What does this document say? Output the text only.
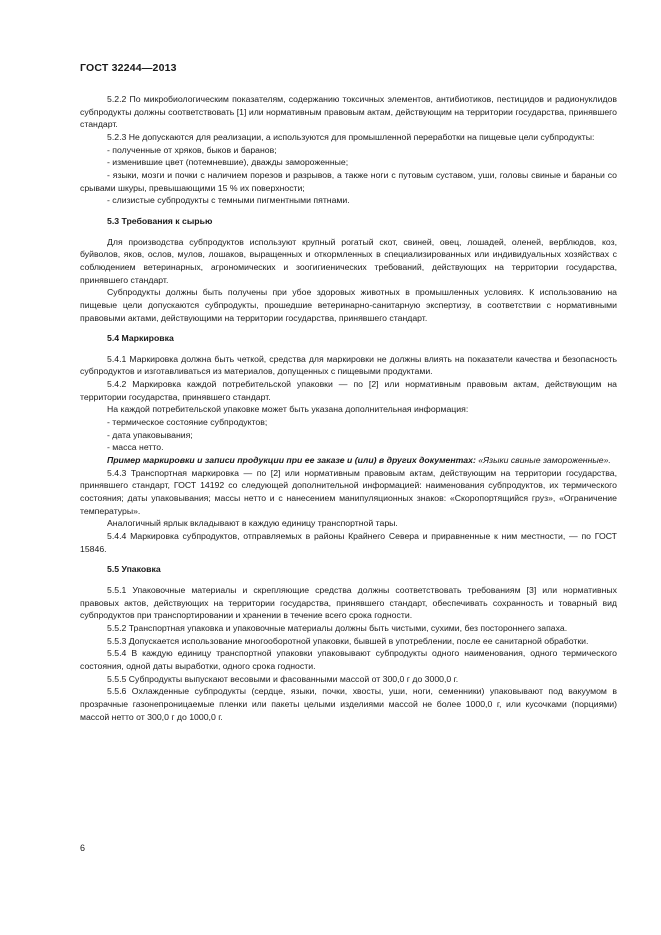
ГОСТ 32244—2013

5.2.2 По микробиологическим показателям, содержанию токсичных элементов, антибиотиков, пестицидов и радионуклидов субпродукты должны соответствовать [1] или нормативным правовым актам, действующим на территории государства, принявшего стандарт.

5.2.3 Не допускаются для реализации, а используются для промышленной переработки на пищевые цели субпродукты:

- полученные от хряков, быков и баранов;

- изменившие цвет (потемневшие), дважды замороженные;

- языки, мозги и почки с наличием порезов и разрывов, а также ноги с путовым суставом, уши, головы свиные и бараньи со срывами шкуры, превышающими 15 % их поверхности;

- слизистые субпродукты с темными пигментными пятнами.

5.3 Требования к сырью

Для производства субпродуктов используют крупный рогатый скот, свиней, овец, лошадей, оленей, верблюдов, коз, буйволов, яков, ослов, мулов, лошаков, выращенных и откормленных в специализированных или индивидуальных хозяйствах с соблюдением ветеринарных, агрономических и зоогигиенических требований, действующих на территории государства, принявшего стандарт.

Субпродукты должны быть получены при убое здоровых животных в промышленных условиях. К использованию на пищевые цели допускаются субпродукты, прошедшие ветеринарно-санитарную экспертизу, в соответствии с нормативными правовыми актами, действующими на территории государства, принявшего стандарт.

5.4 Маркировка

5.4.1 Маркировка должна быть четкой, средства для маркировки не должны влиять на показатели качества и безопасность субпродуктов и изготавливаться из материалов, допущенных с пищевыми продуктами.

5.4.2 Маркировка каждой потребительской упаковки — по [2] или нормативным правовым актам, действующим на территории государства, принявшего стандарт.

На каждой потребительской упаковке может быть указана дополнительная информация:

- термическое состояние субпродуктов;

- дата упаковывания;

- масса нетто.

Пример маркировки и записи продукции при ее заказе и (или) в других документах: «Языки свиные замороженные».

5.4.3 Транспортная маркировка — по [2] или нормативным правовым актам, действующим на территории государства, принявшего стандарт, ГОСТ 14192 со следующей дополнительной информацией: наименования субпродуктов, их термического состояния; даты упаковывания; массы нетто и с нанесением манипуляционных знаков: «Скоропортящийся груз», «Ограничение температуры».

Аналогичный ярлык вкладывают в каждую единицу транспортной тары.

5.4.4 Маркировка субпродуктов, отправляемых в районы Крайнего Севера и приравненные к ним местности, — по ГОСТ 15846.

5.5 Упаковка

5.5.1 Упаковочные материалы и скрепляющие средства должны соответствовать требованиям [3] или нормативных правовых актов, действующих на территории государства, принявшего стандарт, обеспечивать сохранность и товарный вид субпродуктов при транспортировании и хранении в течение всего срока годности.

5.5.2 Транспортная упаковка и упаковочные материалы должны быть чистыми, сухими, без постороннего запаха.

5.5.3 Допускается использование многооборотной упаковки, бывшей в употреблении, после ее санитарной обработки.

5.5.4 В каждую единицу транспортной упаковки упаковывают субпродукты одного наименования, одного термического состояния, одной даты выработки, одного срока годности.

5.5.5 Субпродукты выпускают весовыми и фасованными массой от 300,0 г до 3000,0 г.

5.5.6 Охлажденные субпродукты (сердце, языки, почки, хвосты, уши, ноги, семенники) упаковывают под вакуумом в прозрачные газонепроницаемые пленки или пакеты целыми изделиями массой не более 1000,0 г, или кусочками (порциями) массой нетто от 300,0 г до 1000,0 г.

6
